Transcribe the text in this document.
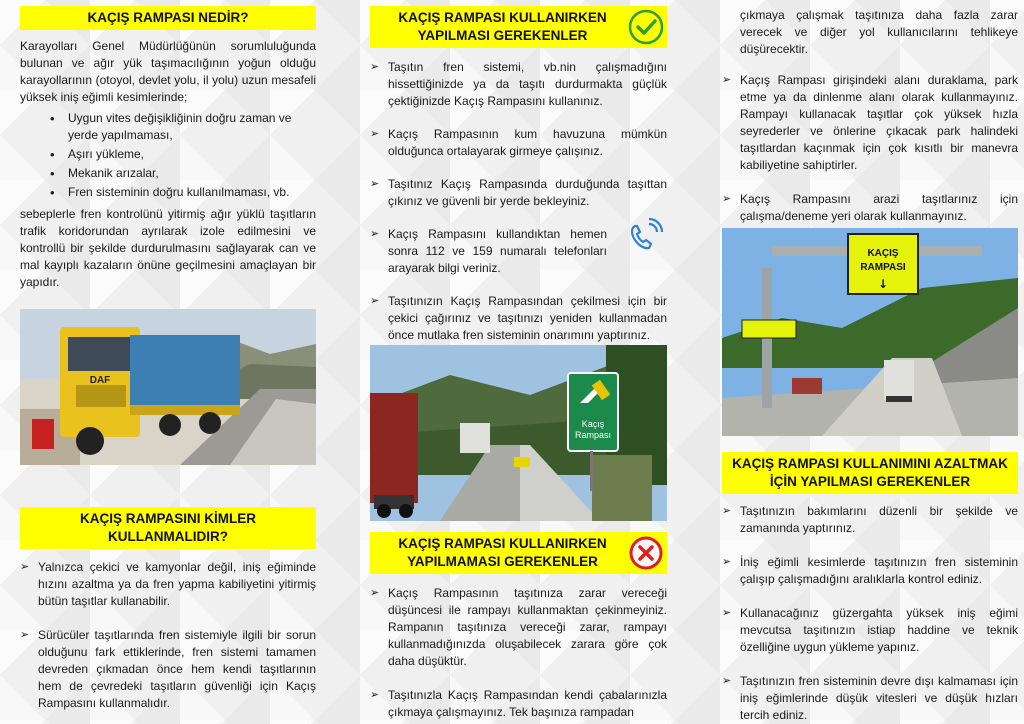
KAÇIŞ RAMPASI NEDİR?

Karayolları Genel Müdürlüğünün sorumluluğunda bulunan ve ağır yük taşımacılığının yoğun olduğu karayollarının (otoyol, devlet yolu, il yolu) uzun mesafeli yüksek iniş eğimli kesimlerinde;

• Uygun vites değişikliğinin doğru zaman ve yerde yapılmaması,
• Aşırı yükleme,
• Mekanik arızalar,
• Fren sisteminin doğru kullanılmaması, vb.

sebeplerle fren kontrolünü yitirmiş ağır yüklü taşıtların trafik koridorundan ayrılarak izole edilmesini ve kontrollü bir şekilde durdurulmasını sağlayarak can ve mal kayıplı kazaların önüne geçilmesini amaçlayan bir yapıdır.

DAF
KAÇIŞ RAMPASINI KİMLER KULLANMALIDIR?
➢ Yalnızca çekici ve kamyonlar değil, iniş eğiminde hızını azaltma ya da fren yapma kabiliyetini yitirmiş bütün taşıtlar kullanabilir.
➢ Sürücüler taşıtlarında fren sistemiyle ilgili bir sorun olduğunu fark ettiklerinde, fren sistemi tamamen devreden çıkmadan önce hem kendi taşıtlarının hem de çevredeki taşıtların güvenliği için Kaçış Rampasını kullanmalıdır.
KAÇIŞ RAMPASI KULLANIRKEN YAPILMASI GEREKENLER
➢ Taşıtın fren sistemi, vb.nin çalışmadığını hissettiğinizde ya da taşıtı durdurmakta güçlük çektiğinizde Kaçış Rampasını kullanınız.
➢ Kaçış Rampasının kum havuzuna mümkün olduğunca ortalayarak girmeye çalışınız.
➢ Taşıtınız Kaçış Rampasında durduğunda taşıttan çıkınız ve güvenli bir yerde bekleyiniz.
➢ Kaçış Rampasını kullandıktan hemen sonra 112 ve 159 numaralı telefonları arayarak bilgi veriniz.
➢ Taşıtınızın Kaçış Rampasından çekilmesi için bir çekici çağırınız ve taşıtınızı yeniden kullanmadan önce mutlaka fren sisteminin onarımını yaptırınız.
Kaçış
Rampası
KAÇIŞ RAMPASI KULLANIRKEN YAPILMAMASI GEREKENLER
➢ Kaçış Rampasının taşıtınıza zarar vereceği düşüncesi ile rampayı kullanmaktan çekinmeyiniz. Rampanın taşıtınıza vereceği zarar, rampayı kullanmadığınızda oluşabilecek zarara göre çok daha düşüktür.
➢ Taşıtınızla Kaçış Rampasından kendi çabalarınızla çıkmaya çalışmayınız. Tek başınıza rampadan

çıkmaya çalışmak taşıtınıza daha fazla zarar verecek ve diğer yol kullanıcılarını tehlikeye düşürecektir.

➢ Kaçış Rampası girişindeki alanı duraklama, park etme ya da dinlenme alanı olarak kullanmayınız. Rampayı kullanacak taşıtlar çok yüksek hızla seyrederler ve önlerine çıkacak park halindeki taşıtlardan kaçınmak için çok kısıtlı bir manevra kabiliyetine sahiptirler.
➢ Kaçış Rampasını arazi taşıtlarınız için çalışma/deneme yeri olarak kullanmayınız.
KAÇIŞ
RAMPASI
↓
KAÇIŞ RAMPASI KULLANIMINI AZALTMAK İÇİN YAPILMASI GEREKENLER
➢ Taşıtınızın bakımlarını düzenli bir şekilde ve zamanında yaptırınız.
➢ İniş eğimli kesimlerde taşıtınızın fren sisteminin çalışıp çalışmadığını aralıklarla kontrol ediniz.
➢ Kullanacağınız güzergahta yüksek iniş eğimi mevcutsa taşıtınızın istiap haddine ve teknik özelliğine uygun yükleme yapınız.
➢ Taşıtınızın fren sisteminin devre dışı kalmaması için iniş eğimlerinde düşük vitesleri ve düşük hızları tercih ediniz.
